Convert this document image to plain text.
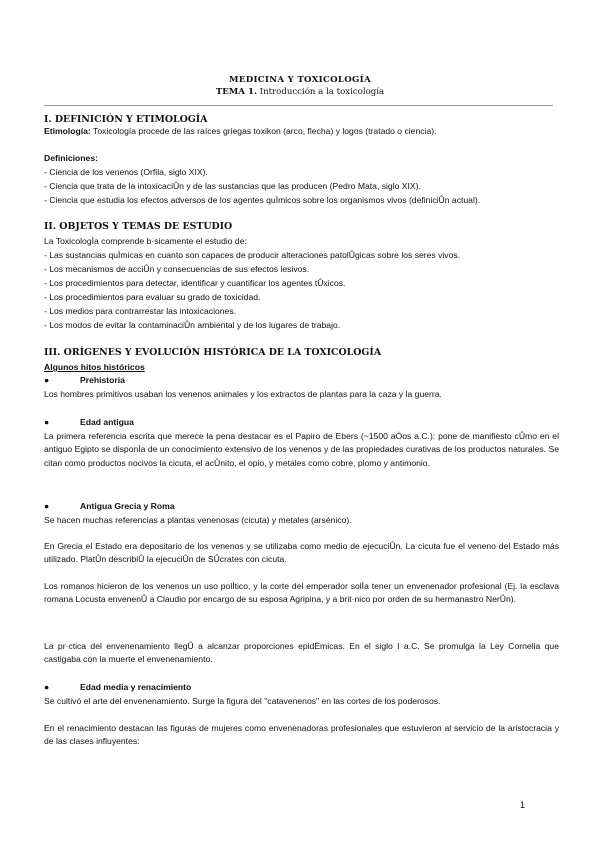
MEDICINA Y TOXICOLOGÍA
TEMA 1. Introducción a la toxicología
I. DEFINICIÓN Y ETIMOLOGÍA
Etimología: Toxicología procede de las raíces griegas toxikon (arco, flecha) y logos (tratado o ciencia).
Definiciones:
- Ciencia de los venenos (Orfila, siglo XIX).
- Ciencia que trata de la intoxicaciÛn y de las sustancias que las producen (Pedro Mata, siglo XIX).
- Ciencia que estudia los efectos adversos de los agentes quÌmicos sobre los organismos vivos (definiciÛn actual).
II. OBJETOS Y TEMAS DE ESTUDIO
La ToxicologÌa comprende b·sicamente el estudio de:
- Las sustancias quÌmicas en cuanto son capaces de producir alteraciones patolÛgicas sobre los seres vivos.
- Los mecanismos de acciÛn y consecuencias de sus efectos lesivos.
- Los procedimientos para detectar, identificar y cuantificar los agentes tÛxicos.
- Los procedimientos para evaluar su grado de toxicidad.
- Los medios para contrarrestar las intoxicaciones.
- Los modos de evitar la contaminaciÛn ambiental y de los lugares de trabajo.
III. ORÍGENES Y EVOLUCIÓN HISTÓRICA DE LA TOXICOLOGÍA
Algunos hitos históricos
●	Prehistoria
Los hombres primitivos usaban los venenos animales y los extractos de plantas para la caza y la guerra.
●	Edad antigua
La primera referencia escrita que merece la pena destacar es el Papiro de Ebers (~1500 aÒos a.C.): pone de manifiesto cÛmo en el antiguo Egipto se disponÌa de un conocimiento extensivo de los venenos y de las propiedades curativas de los productos naturales. Se citan como productos nocivos la cicuta, el acÛnito, el opio, y metales como cobre, plomo y antimonio.
●	Antigua Grecia y Roma
Se hacen muchas referencias a plantas venenosas (cicuta) y metales (arsénico).
En Grecia el Estado era depositario de los venenos y se utilizaba como medio de ejecuciÛn. La cicuta fue el veneno del Estado más utilizado. PlatÛn describiÛ la ejecuciÛn de SÛcrates con cicuta.
Los romanos hicieron de los venenos un uso polÌtico, y la corte del emperador solÌa tener un envenenador profesional (Ej. la esclava romana Locusta envenenÛ a Claudio por encargo de su esposa Agripina, y a brit·nico por orden de su hermanastro NerÛn).
La pr·ctica del envenenamiento llegÛ a alcanzar proporciones epidÈmicas. En el siglo I a.C. Se promulga la Ley Cornelia que castigaba con la muerte el envenenamiento.
●	Edad media y renacimiento
Se cultivó el arte del envenenamiento. Surge la figura del "catavenenos" en las cortes de los poderosos.
En el renacimiento destacan las figuras de mujeres como envenenadoras profesionales que estuvieron al servicio de la aristocracia y de las clases influyentes:
1
